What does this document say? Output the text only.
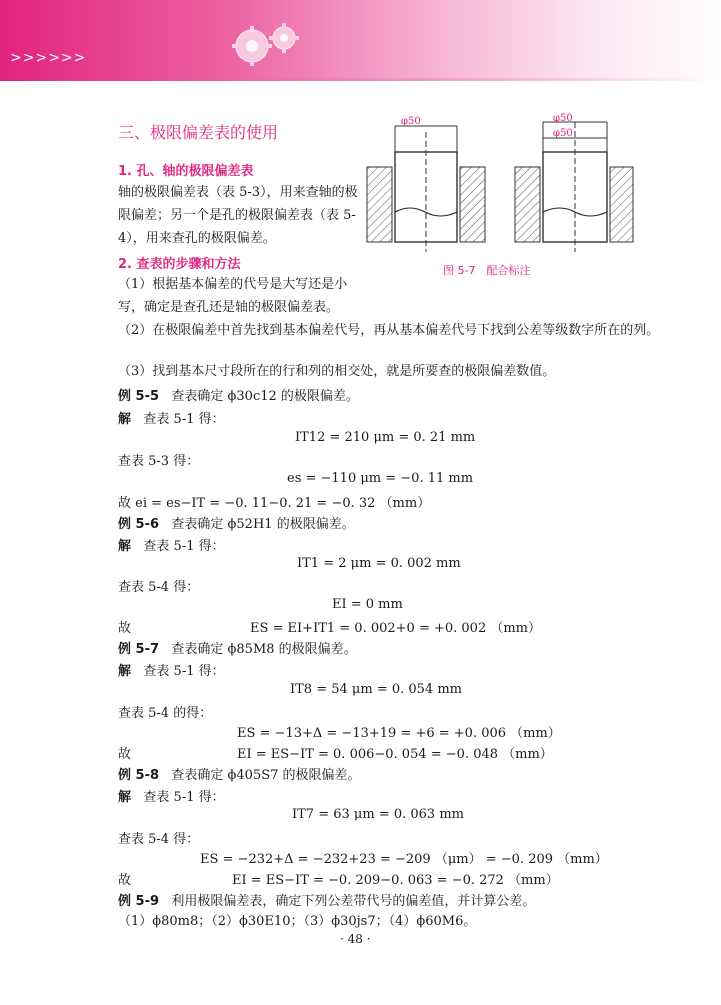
>>>>>>
三、极限偏差表的使用
1. 孔、轴的极限偏差表
轴的极限偏差表（表 5-3），用来查轴的极限偏差；另一个是孔的极限偏差表（表 5-4），用来查孔的极限偏差。
2. 查表的步骤和方法
（1）根据基本偏差的代号是大写还是小写，确定是查孔还是轴的极限偏差表。
φ50	φ50
φ50
图 5-7　配合标注
（2）在极限偏差中首先找到基本偏差代号，再从基本偏差代号下找到公差等级数字所在的列。
（3）找到基本尺寸段所在的行和列的相交处，就是所要查的极限偏差数值。
例 5-5 查表确定 ϕ30c12 的极限偏差。
解 查表 5-1 得：
IT12 = 210 μm = 0. 21 mm
查表 5-3 得：
es = −110 μm = −0. 11 mm
故 ei = es−IT = −0. 11−0. 21 = −0. 32 （mm）
例 5-6 查表确定 ϕ52H1 的极限偏差。
解 查表 5-1 得：
IT1 = 2 μm = 0. 002 mm
查表 5-4 得：
EI = 0 mm
故	ES = EI+IT1 = 0. 002+0 = +0. 002 （mm）
例 5-7 查表确定 ϕ85M8 的极限偏差。
解 查表 5-1 得：
IT8 = 54 μm = 0. 054 mm
查表 5-4 的得：
ES = −13+Δ = −13+19 = +6 = +0. 006 （mm）
故	EI = ES−IT = 0. 006−0. 054 = −0. 048 （mm）
例 5-8 查表确定 ϕ405S7 的极限偏差。
解 查表 5-1 得：
IT7 = 63 μm = 0. 063 mm
查表 5-4 得：
ES = −232+Δ = −232+23 = −209 （μm） = −0. 209 （mm）
故	EI = ES−IT = −0. 209−0. 063 = −0. 272 （mm）
例 5-9 利用极限偏差表，确定下列公差带代号的偏差值，并计算公差。
（1）ϕ80m8；（2）ϕ30E10；（3）ϕ30js7；（4）ϕ60M6。
· 48 ·
